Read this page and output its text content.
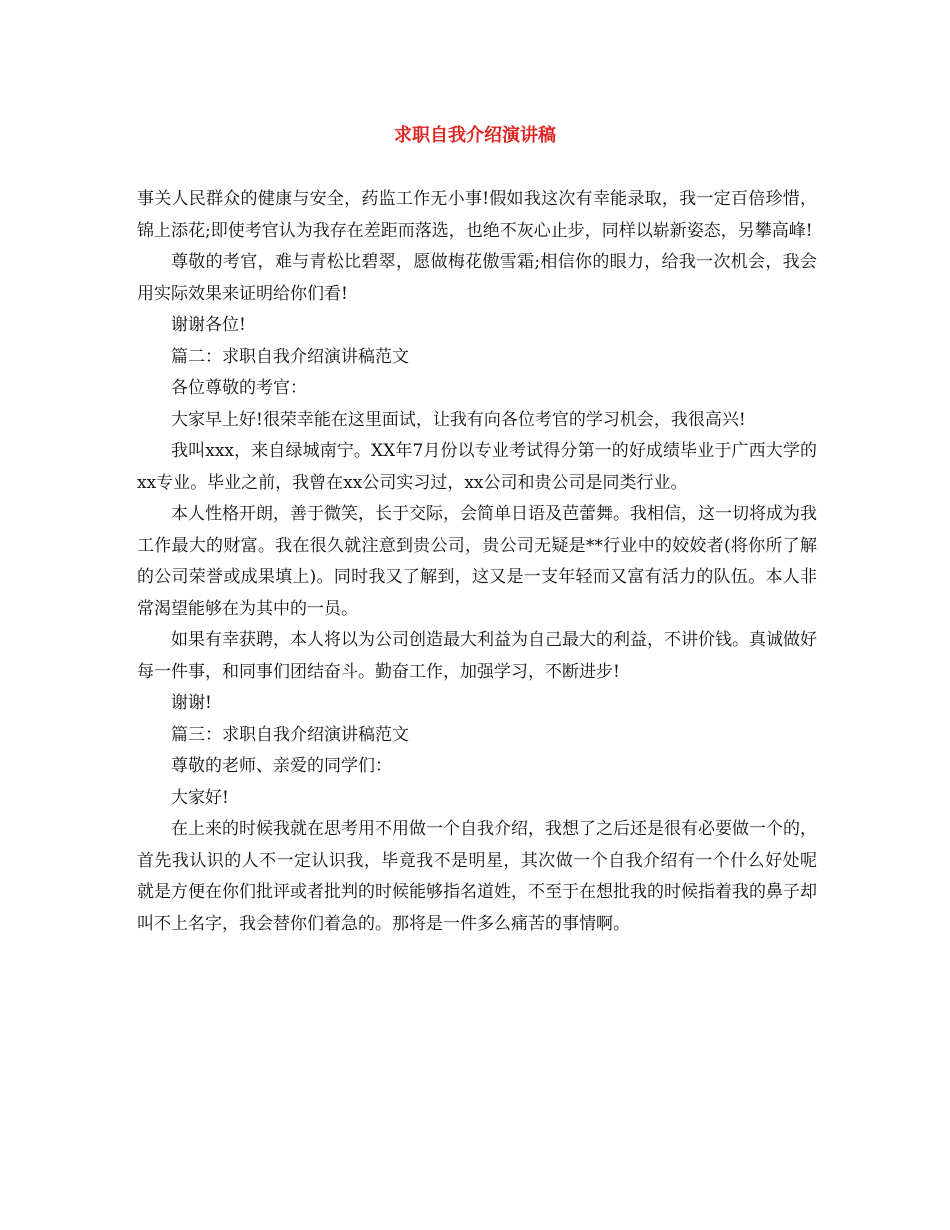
求职自我介绍演讲稿

事关人民群众的健康与安全，药监工作无小事!假如我这次有幸能录取，我一定百倍珍惜，锦上添花;即使考官认为我存在差距而落选，也绝不灰心止步，同样以崭新姿态，另攀高峰!

尊敬的考官，难与青松比碧翠，愿做梅花傲雪霜;相信你的眼力，给我一次机会，我会用实际效果来证明给你们看!

谢谢各位!

篇二：求职自我介绍演讲稿范文

各位尊敬的考官：

大家早上好!很荣幸能在这里面试，让我有向各位考官的学习机会，我很高兴!

我叫xxx，来自绿城南宁。XX年7月份以专业考试得分第一的好成绩毕业于广西大学的xx专业。毕业之前，我曾在xx公司实习过，xx公司和贵公司是同类行业。

本人性格开朗，善于微笑，长于交际，会简单日语及芭蕾舞。我相信，这一切将成为我工作最大的财富。我在很久就注意到贵公司，贵公司无疑是**行业中的姣姣者(将你所了解的公司荣誉或成果填上)。同时我又了解到，这又是一支年轻而又富有活力的队伍。本人非常渴望能够在为其中的一员。

如果有幸获聘，本人将以为公司创造最大利益为自己最大的利益，不讲价钱。真诚做好每一件事，和同事们团结奋斗。勤奋工作，加强学习，不断进步!

谢谢!

篇三：求职自我介绍演讲稿范文

尊敬的老师、亲爱的同学们：

大家好!

在上来的时候我就在思考用不用做一个自我介绍，我想了之后还是很有必要做一个的，首先我认识的人不一定认识我，毕竟我不是明星，其次做一个自我介绍有一个什么好处呢 就是方便在你们批评或者批判的时候能够指名道姓，不至于在想批我的时候指着我的鼻子却叫不上名字，我会替你们着急的。那将是一件多么痛苦的事情啊。
